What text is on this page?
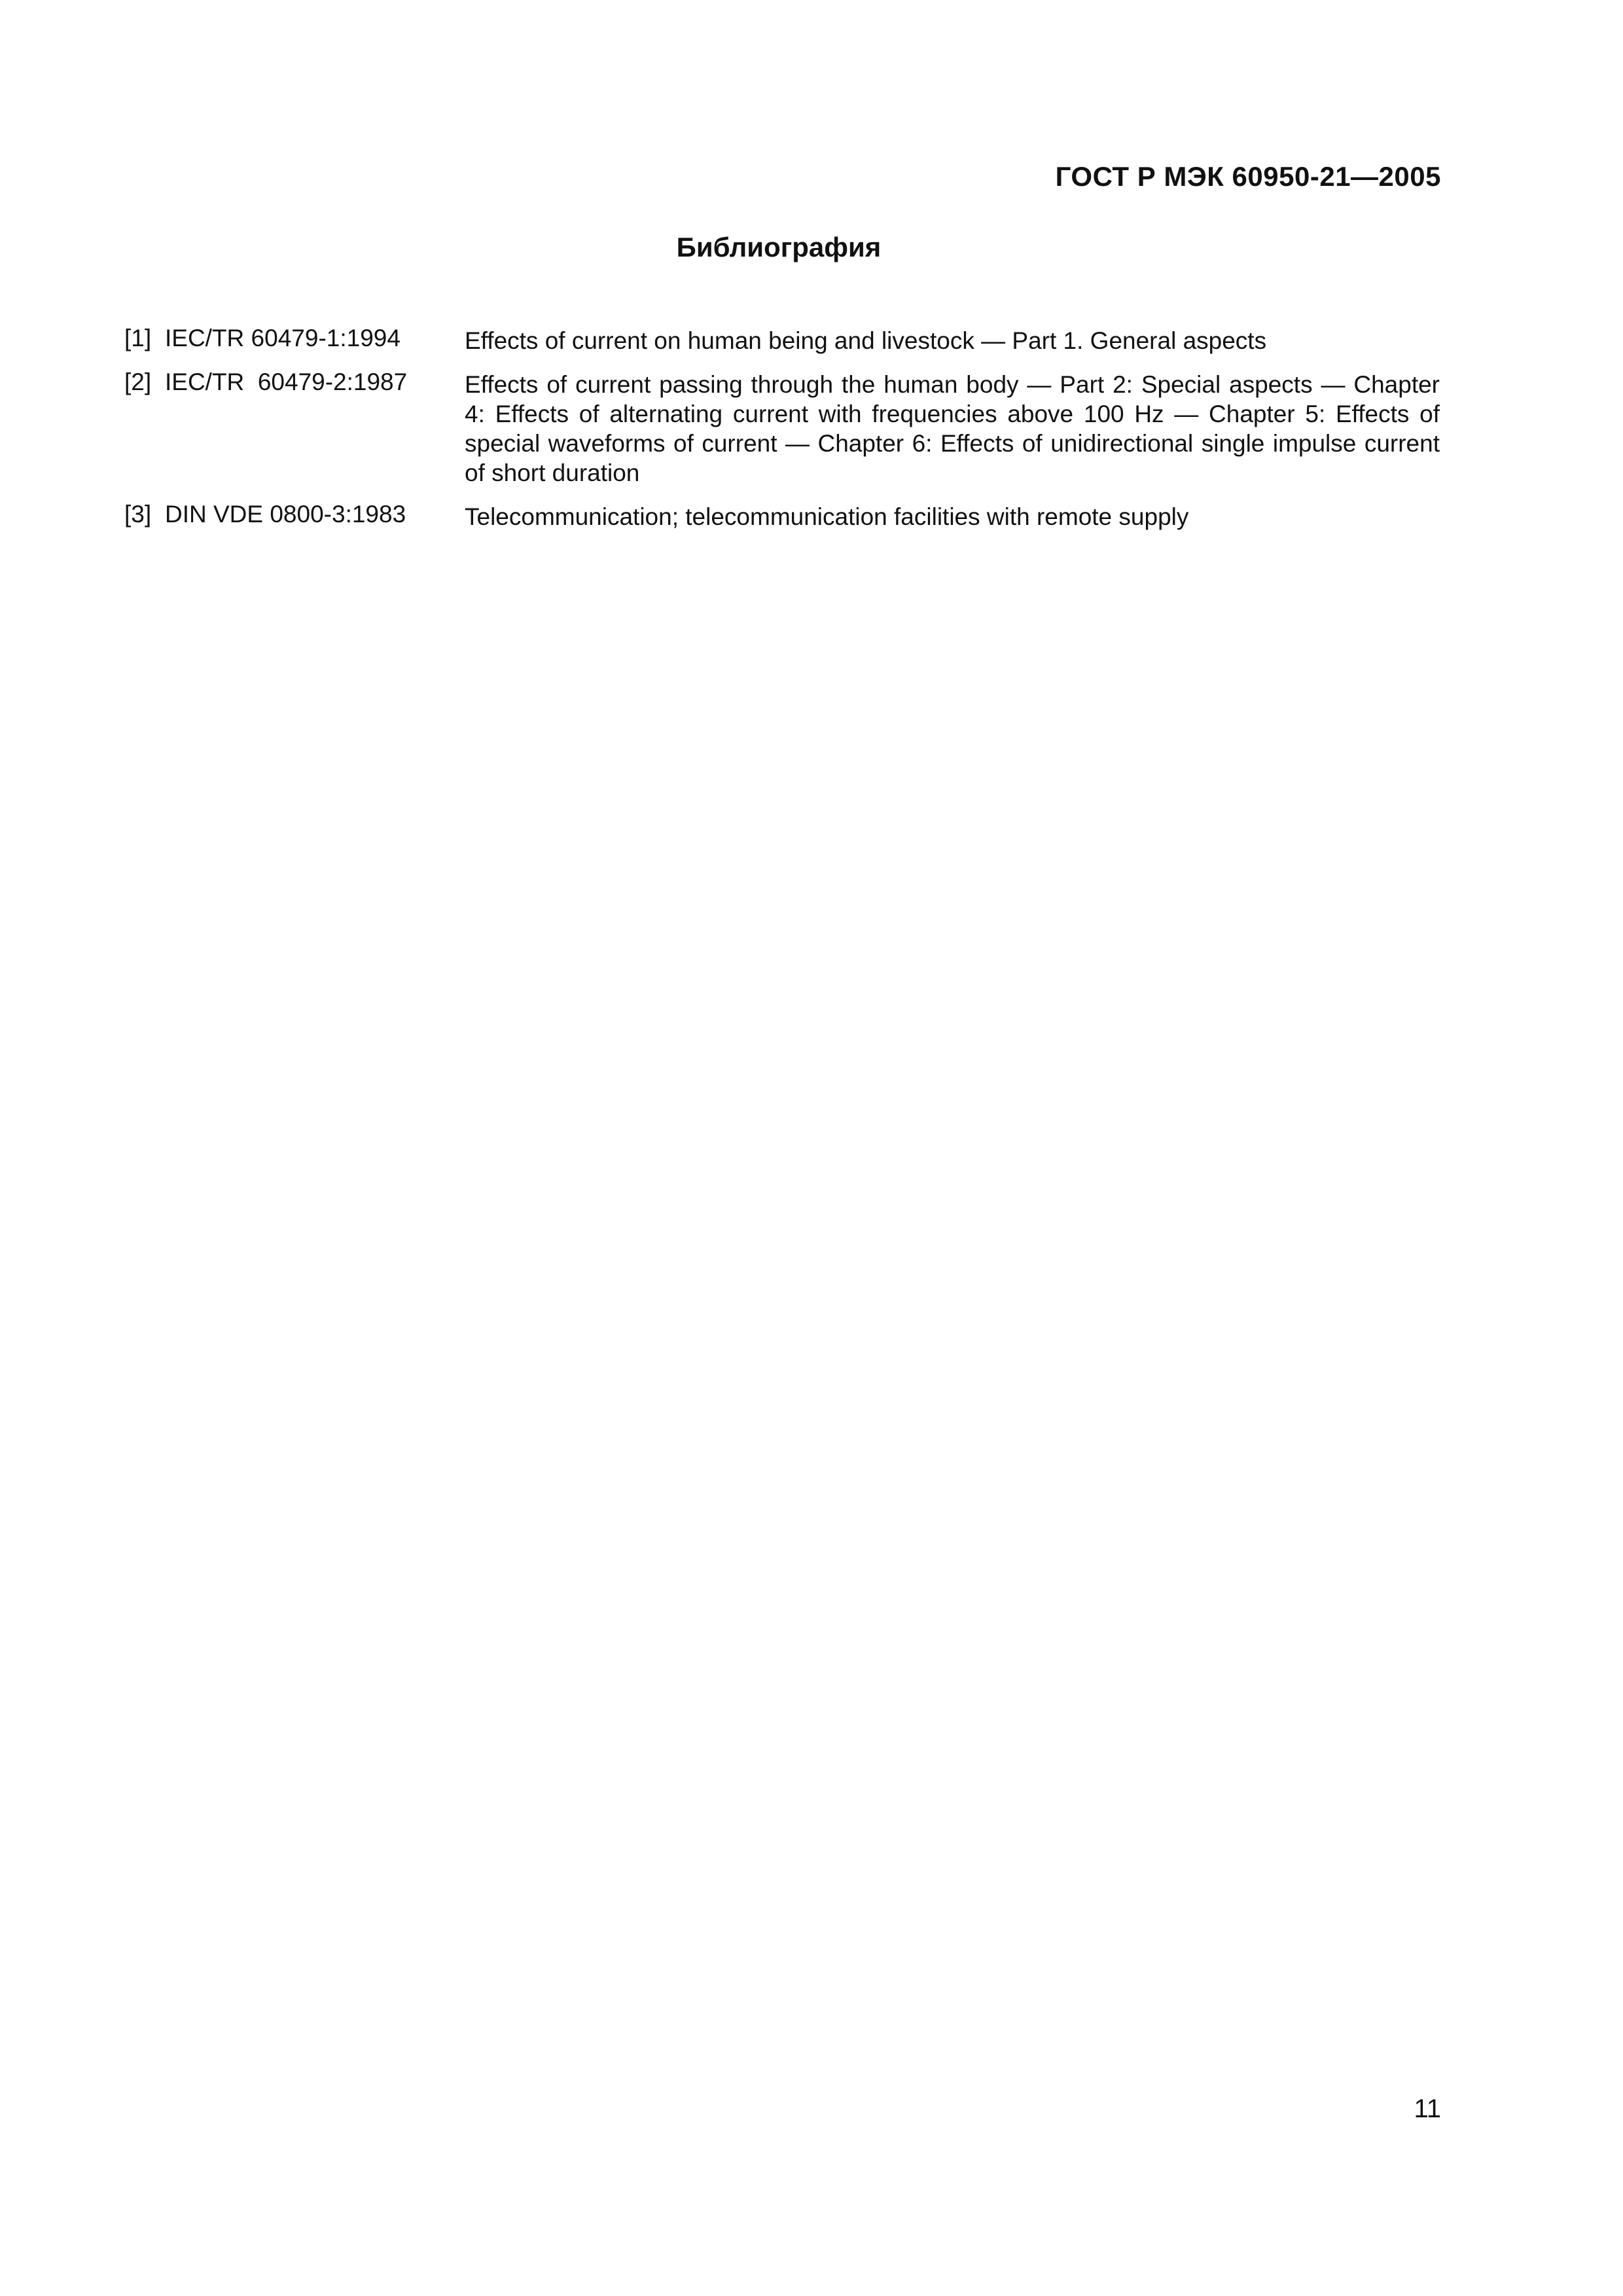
ГОСТ Р МЭК 60950-21—2005
Библиография
[1] IEC/TR 60479-1:1994	Effects of current on human being and livestock — Part 1. General aspects
[2] IEC/TR  60479-2:1987	Effects of current passing through the human body — Part 2: Special aspects — Chapter 4: Effects of alternating current with frequencies above 100 Hz — Chapter 5: Effects of special waveforms of current — Chapter 6: Effects of unidirectional single impulse current of short duration
[3] DIN VDE 0800-3:1983	Telecommunication; telecommunication facilities with remote supply
11
